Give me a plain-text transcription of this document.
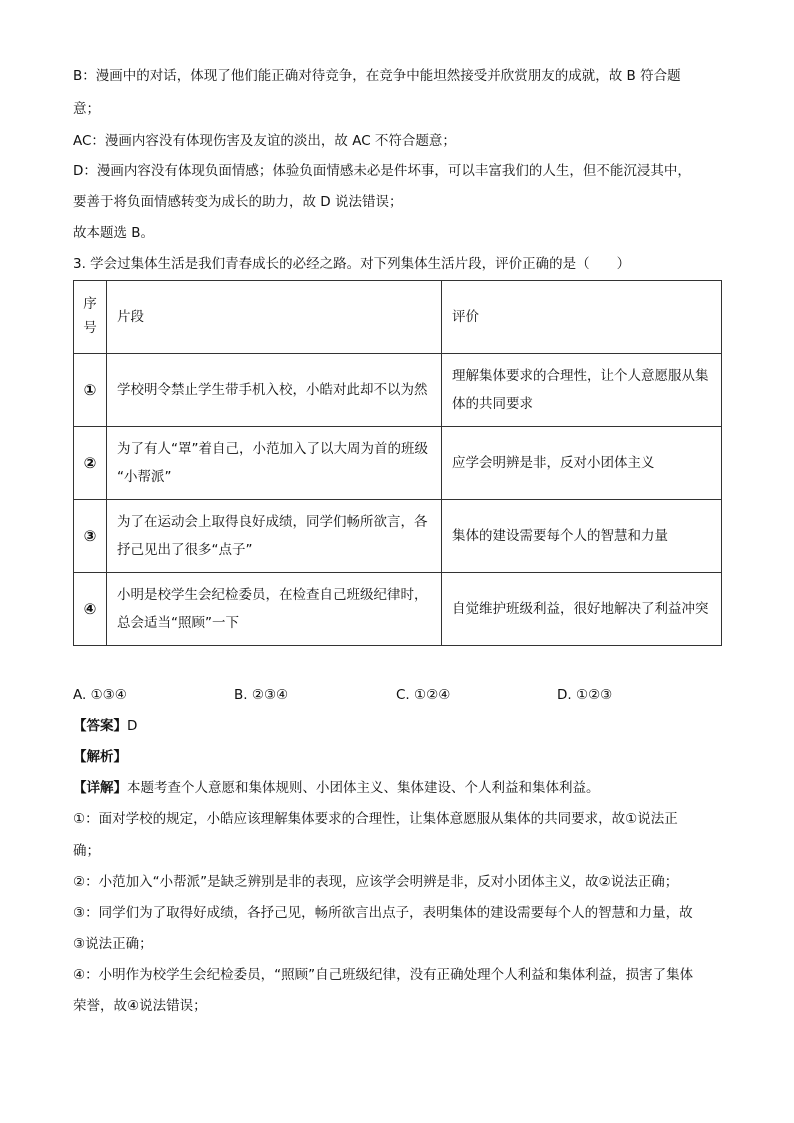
B：漫画中的对话，体现了他们能正确对待竞争，在竞争中能坦然接受并欣赏朋友的成就，故 B 符合题
意；
AC：漫画内容没有体现伤害及友谊的淡出，故 AC 不符合题意；
D：漫画内容没有体现负面情感；体验负面情感未必是件坏事，可以丰富我们的人生，但不能沉浸其中，
要善于将负面情感转变为成长的助力，故 D 说法错误；
故本题选 B。
3. 学会过集体生活是我们青春成长的必经之路。对下列集体生活片段，评价正确的是（　　）
序号	片段	评价
①	学校明令禁止学生带手机入校，小皓对此却不以为然	理解集体要求的合理性，让个人意愿服从集
体的共同要求

②	为了有人“罩”着自己，小范加入了以大周为首的班级
“小帮派”	应学会明辨是非，反对小团体主义

③	为了在运动会上取得良好成绩，同学们畅所欲言，各
抒己见出了很多“点子”	集体的建设需要每个人的智慧和力量

④	小明是校学生会纪检委员，在检查自己班级纪律时，
总会适当“照顾”一下	自觉维护班级利益，很好地解决了利益冲突
A. ①③④	B. ②③④	C. ①②④	D. ①②③
【答案】D
【解析】
【详解】本题考查个人意愿和集体规则、小团体主义、集体建设、个人利益和集体利益。
①：面对学校的规定，小皓应该理解集体要求的合理性，让集体意愿服从集体的共同要求，故①说法正
确；
②：小范加入“小帮派”是缺乏辨别是非的表现，应该学会明辨是非，反对小团体主义，故②说法正确；
③：同学们为了取得好成绩，各抒己见，畅所欲言出点子，表明集体的建设需要每个人的智慧和力量，故
③说法正确；
④：小明作为校学生会纪检委员，“照顾”自己班级纪律，没有正确处理个人利益和集体利益，损害了集体
荣誉，故④说法错误；
